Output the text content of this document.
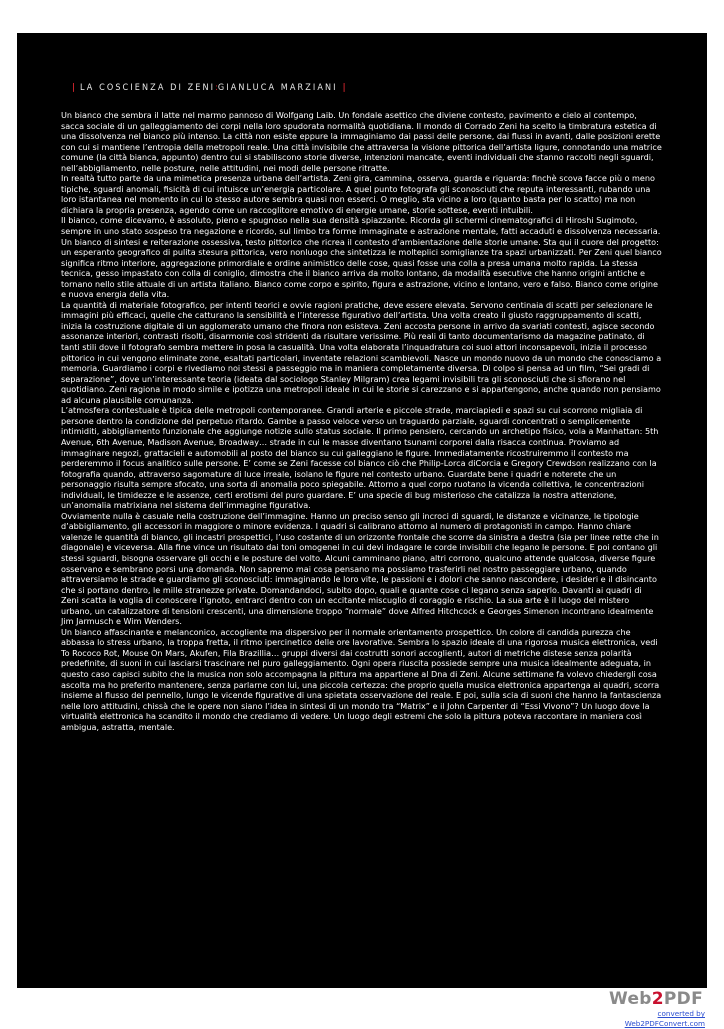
| LA COSCIENZA DI ZENI:GIANLUCA MARZIANI |

Un bianco che sembra il latte nel marmo pannoso di Wolfgang Laib. Un fondale asettico che diviene contesto, pavimento e cielo al contempo, sacca sociale di un galleggiamento dei corpi nella loro spudorata normalità quotidiana. Il mondo di Corrado Zeni ha scelto la timbratura estetica di una dissolvenza nel bianco più intenso. La città non esiste eppure la immaginiamo dai passi delle persone, dai flussi in avanti, dalle posizioni erette con cui si mantiene l’entropia della metropoli reale. Una città invisibile che attraversa la visione pittorica dell’artista ligure, connotando una matrice comune (la città bianca, appunto) dentro cui si stabiliscono storie diverse, intenzioni mancate, eventi individuali che stanno raccolti negli sguardi, nell’abbigliamento, nelle posture, nelle attitudini, nei modi delle persone ritratte.

In realtà tutto parte da una mimetica presenza urbana dell’artista. Zeni gira, cammina, osserva, guarda e riguarda: finchè scova facce più o meno tipiche, sguardi anomali, fisicità di cui intuisce un’energia particolare. A quel punto fotografa gli sconosciuti che reputa interessanti, rubando una loro istantanea nel momento in cui lo stesso autore sembra quasi non esserci. O meglio, sta vicino a loro (quanto basta per lo scatto) ma non dichiara la propria presenza, agendo come un raccoglitore emotivo di energie umane, storie sottese, eventi intuibili.

Il bianco, come dicevamo, è assoluto, pieno e spugnoso nella sua densità spiazzante. Ricorda gli schermi cinematografici di Hiroshi Sugimoto, sempre in uno stato sospeso tra negazione e ricordo, sul limbo tra forme immaginate e astrazione mentale, fatti accaduti e dissolvenza necessaria. Un bianco di sintesi e reiterazione ossessiva, testo pittorico che ricrea il contesto d’ambientazione delle storie umane. Sta qui il cuore del progetto: un esperanto geografico di pulita stesura pittorica, vero nonluogo che sintetizza le molteplici somiglianze tra spazi urbanizzati. Per Zeni quel bianco significa ritmo interiore, aggregazione primordiale e ordine animistico delle cose, quasi fosse una colla a presa umana molto rapida. La stessa tecnica, gesso impastato con colla di coniglio, dimostra che il bianco arriva da molto lontano, da modalità esecutive che hanno origini antiche e tornano nello stile attuale di un artista italiano. Bianco come corpo e spirito, figura e astrazione, vicino e lontano, vero e falso. Bianco come origine e nuova energia della vita.

La quantità di materiale fotografico, per intenti teorici e ovvie ragioni pratiche, deve essere elevata. Servono centinaia di scatti per selezionare le immagini più efficaci, quelle che catturano la sensibilità e l’interesse figurativo dell’artista. Una volta creato il giusto raggruppamento di scatti, inizia la costruzione digitale di un agglomerato umano che finora non esisteva. Zeni accosta persone in arrivo da svariati contesti, agisce secondo assonanze interiori, contrasti risolti, disarmonie così stridenti da risultare verissime. Più reali di tanto documentarismo da magazine patinato, di tanti stili dove il fotografo sembra mettere in posa la casualità. Una volta elaborata l’inquadratura coi suoi attori inconsapevoli, inizia il processo pittorico in cui vengono eliminate zone, esaltati particolari, inventate relazioni scambievoli. Nasce un mondo nuovo da un mondo che conosciamo a memoria. Guardiamo i corpi e rivediamo noi stessi a passeggio ma in maniera completamente diversa. Di colpo si pensa ad un film, “Sei gradi di separazione”, dove un’interessante teoria (ideata dal sociologo Stanley Milgram) crea legami invisibili tra gli sconosciuti che si sfiorano nel quotidiano. Zeni ragiona in modo simile e ipotizza una metropoli ideale in cui le storie si carezzano e si appartengono, anche quando non pensiamo ad alcuna plausibile comunanza.

L’atmosfera contestuale è tipica delle metropoli contemporanee. Grandi arterie e piccole strade, marciapiedi e spazi su cui scorrono migliaia di persone dentro la condizione del perpetuo ritardo. Gambe a passo veloce verso un traguardo parziale, sguardi concentrati o semplicemente intimiditi, abbigliamento funzionale che aggiunge notizie sullo status sociale. Il primo pensiero, cercando un archetipo fisico, vola a Manhattan: 5th Avenue, 6th Avenue, Madison Avenue, Broadway… strade in cui le masse diventano tsunami corporei dalla risacca continua. Proviamo ad immaginare negozi, grattacieli e automobili al posto del bianco su cui galleggiano le figure. Immediatamente ricostruiremmo il contesto ma perderemmo il focus analitico sulle persone. E’ come se Zeni facesse col bianco ciò che Philip-Lorca diCorcia e Gregory Crewdson realizzano con la fotografia quando, attraverso sagomature di luce irreale, isolano le figure nel contesto urbano. Guardate bene i quadri e noterete che un personaggio risulta sempre sfocato, una sorta di anomalia poco spiegabile. Attorno a quel corpo ruotano la vicenda collettiva, le concentrazioni individuali, le timidezze e le assenze, certi erotismi del puro guardare. E’ una specie di bug misterioso che catalizza la nostra attenzione, un’anomalia matrixiana nel sistema dell’immagine figurativa.

Ovviamente nulla è casuale nella costruzione dell’immagine. Hanno un preciso senso gli incroci di sguardi, le distanze e vicinanze, le tipologie d’abbigliamento, gli accessori in maggiore o minore evidenza. I quadri si calibrano attorno al numero di protagonisti in campo. Hanno chiare valenze le quantità di bianco, gli incastri prospettici, l’uso costante di un orizzonte frontale che scorre da sinistra a destra (sia per linee rette che in diagonale) e viceversa. Alla fine vince un risultato dai toni omogenei in cui devi indagare le corde invisibili che legano le persone. E poi contano gli stessi sguardi, bisogna osservare gli occhi e le posture del volto. Alcuni camminano piano, altri corrono, qualcuno attende qualcosa, diverse figure osservano e sembrano porsi una domanda. Non sapremo mai cosa pensano ma possiamo trasferirli nel nostro passeggiare urbano, quando attraversiamo le strade e guardiamo gli sconosciuti: immaginando le loro vite, le passioni e i dolori che sanno nascondere, i desideri e il disincanto che si portano dentro, le mille stranezze private. Domandandoci, subito dopo, quali e quante cose ci legano senza saperlo. Davanti ai quadri di Zeni scatta la voglia di conoscere l’ignoto, entrarci dentro con un eccitante miscuglio di coraggio e rischio. La sua arte è il luogo del mistero urbano, un catalizzatore di tensioni crescenti, una dimensione troppo “normale” dove Alfred Hitchcock e Georges Simenon incontrano idealmente Jim Jarmusch e Wim Wenders.

Un bianco affascinante e melanconico, accogliente ma dispersivo per il normale orientamento prospettico. Un colore di candida purezza che abbassa lo stress urbano, la troppa fretta, il ritmo ipercinetico delle ore lavorative. Sembra lo spazio ideale di una rigorosa musica elettronica, vedi To Rococo Rot, Mouse On Mars, Akufen, Fila Brazillia… gruppi diversi dai costrutti sonori accoglienti, autori di metriche distese senza polarità predefinite, di suoni in cui lasciarsi trascinare nel puro galleggiamento. Ogni opera riuscita possiede sempre una musica idealmente adeguata, in questo caso capisci subito che la musica non solo accompagna la pittura ma appartiene al Dna di Zeni. Alcune settimane fa volevo chiedergli cosa ascolta ma ho preferito mantenere, senza parlarne con lui, una piccola certezza: che proprio quella musica elettronica appartenga ai quadri, scorra insieme al flusso del pennello, lungo le vicende figurative di una spietata osservazione del reale. E poi, sulla scia di suoni che hanno la fantascienza nelle loro attitudini, chissà che le opere non siano l’idea in sintesi di un mondo tra “Matrix” e il John Carpenter di “Essi Vivono”? Un luogo dove la virtualità elettronica ha scandito il mondo che crediamo di vedere. Un luogo degli estremi che solo la pittura poteva raccontare in maniera così ambigua, astratta, mentale.

Web2PDF
converted by Web2PDFConvert.com
